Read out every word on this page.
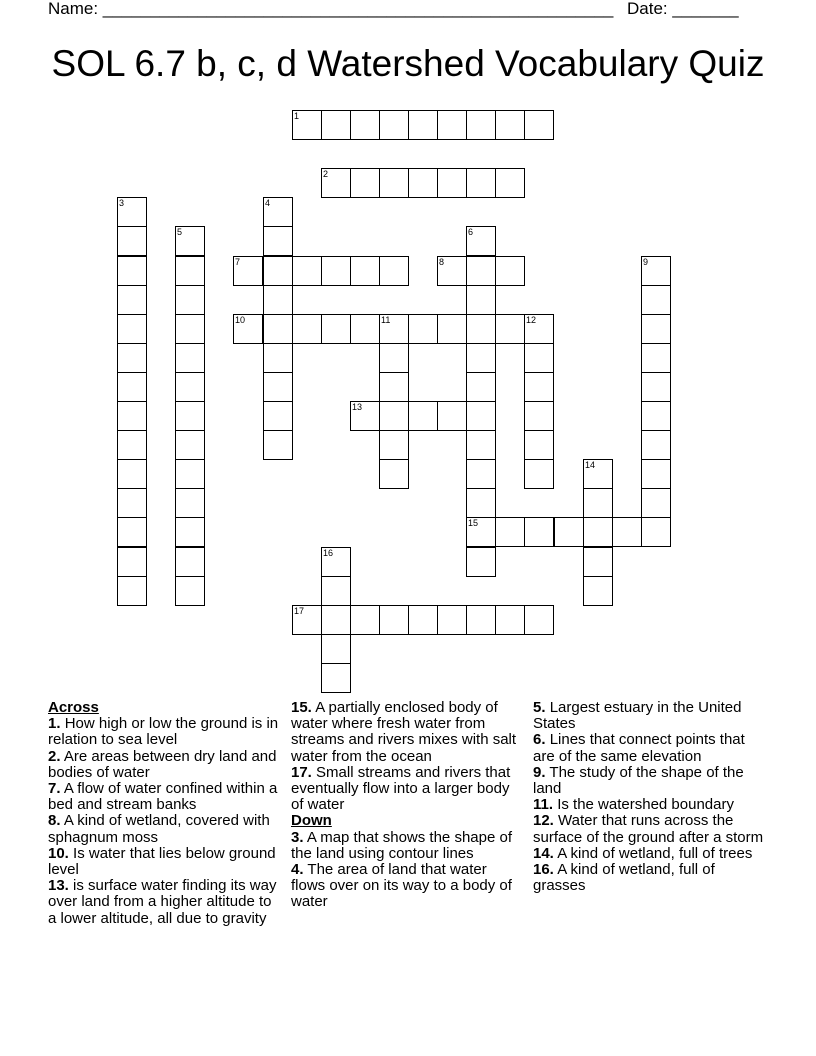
Name: ______________________________________________________ Date: _______
SOL 6.7 b, c, d Watershed Vocabulary Quiz
1
2
3	4
5	6
15
7	8	9
10	11	12
13
14
16
17

Across

1. How high or low the ground is in relation to sea level

2. Are areas between dry land and bodies of water

7. A flow of water confined within a bed and stream banks

8. A kind of wetland, covered with sphagnum moss

10. Is water that lies below ground level

13. is surface water finding its way over land from a higher altitude to a lower altitude, all due to gravity

15. A partially enclosed body of water where fresh water from streams and rivers mixes with salt water from the ocean

17. Small streams and rivers that eventually flow into a larger body of water

Down

3. A map that shows the shape of the land using contour lines

4. The area of land that water flows over on its way to a body of water

5. Largest estuary in the United States

6. Lines that connect points that are of the same elevation

9. The study of the shape of the land

11. Is the watershed boundary

12. Water that runs across the surface of the ground after a storm

14. A kind of wetland, full of trees

16. A kind of wetland, full of grasses
